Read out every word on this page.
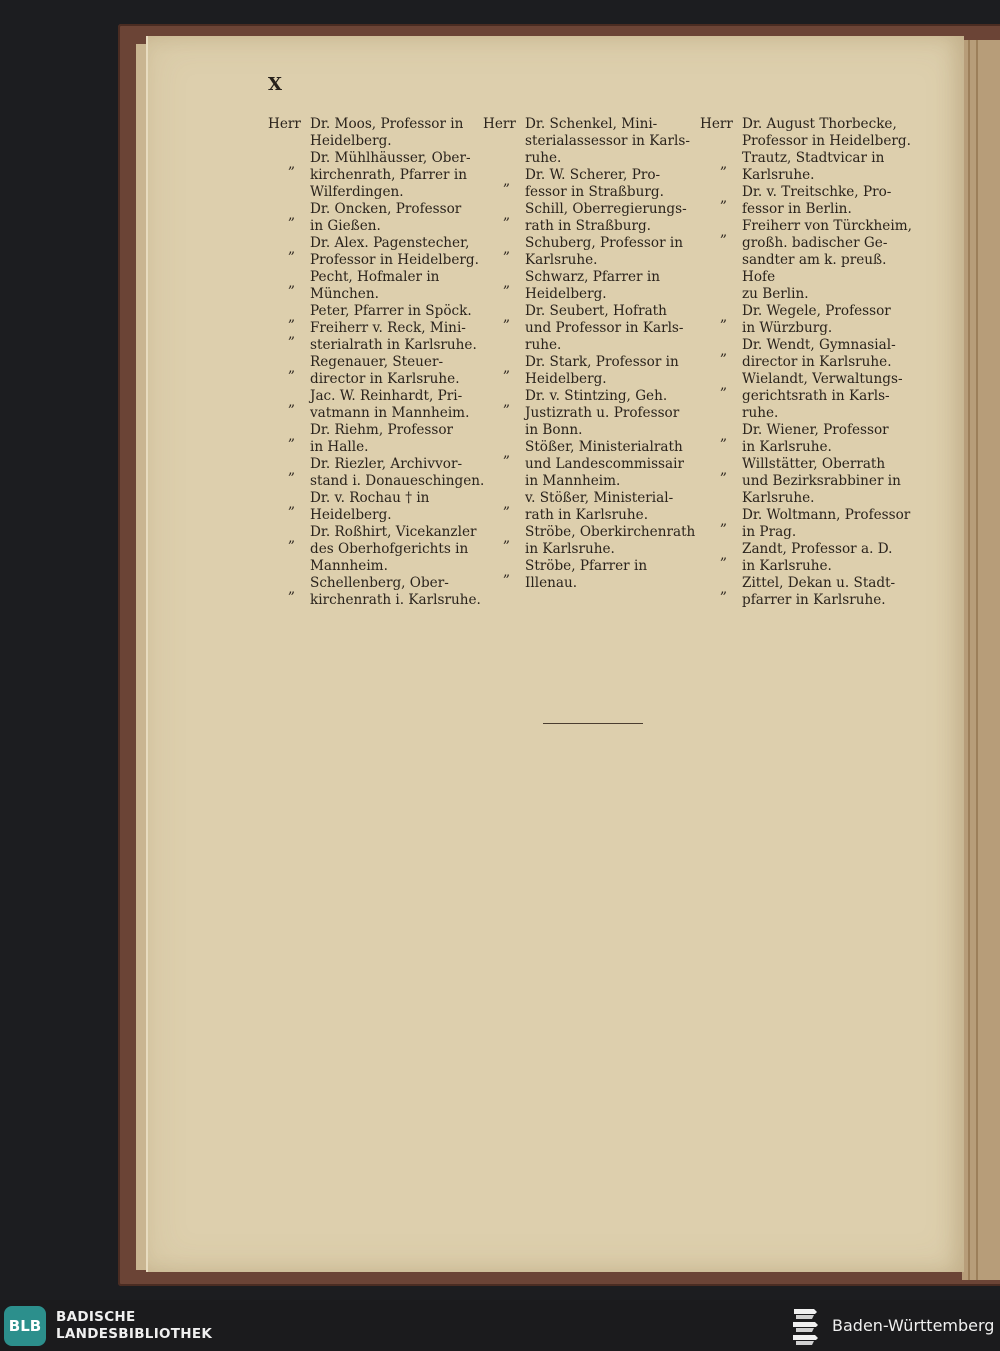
X
Herr Dr. Moos, Professor in
Heidelberg.
„	Dr. Mühlhäusser, Ober-
kirchenrath, Pfarrer in
Wilferdingen.
„	Dr. Oncken, Professor
in Gießen.
„	Dr. Alex. Pagenstecher,
Professor in Heidelberg.
„	Pecht, Hofmaler in
München.
„	Peter, Pfarrer in Spöck.
„	Freiherr v. Reck, Mini-
sterialrath in Karlsruhe.
„	Regenauer, Steuer-
director in Karlsruhe.
„	Jac. W. Reinhardt, Pri-
vatmann in Mannheim.
„	Dr. Riehm, Professor
in Halle.
„	Dr. Riezler, Archivvor-
stand i. Donaueschingen.
„	Dr. v. Rochau † in
Heidelberg.
„	Dr. Roßhirt, Vicekanzler
des Oberhofgerichts in
Mannheim.
„	Schellenberg, Ober-
kirchenrath i. Karlsruhe.
Herr Dr. Schenkel, Mini-
sterialassessor in Karls-
ruhe.
„	Dr. W. Scherer, Pro-
fessor in Straßburg.
„	Schill, Oberregierungs-
rath in Straßburg.
„	Schuberg, Professor in
Karlsruhe.
„	Schwarz, Pfarrer in
Heidelberg.
„	Dr. Seubert, Hofrath
und Professor in Karls-
ruhe.
„	Dr. Stark, Professor in
Heidelberg.
„	Dr. v. Stintzing, Geh.
Justizrath u. Professor
in Bonn.
„	Stößer, Ministerialrath
und Landescommissair
in Mannheim.
„	v. Stößer, Ministerial-
rath in Karlsruhe.
„	Ströbe, Oberkirchenrath
in Karlsruhe.
„	Ströbe, Pfarrer in
Illenau.
Herr Dr. August Thorbecke,
Professor in Heidelberg.
„	Trautz, Stadtvicar in
Karlsruhe.
„	Dr. v. Treitschke, Pro-
fessor in Berlin.
„	Freiherr von Türckheim,
großh. badischer Ge-
sandter am k. preuß. Hofe
zu Berlin.
„	Dr. Wegele, Professor
in Würzburg.
„	Dr. Wendt, Gymnasial-
director in Karlsruhe.
„	Wielandt, Verwaltungs-
gerichtsrath in Karls-
ruhe.
„	Dr. Wiener, Professor
in Karlsruhe.
„	Willstätter, Oberrath
und Bezirksrabbiner in
Karlsruhe.
„	Dr. Woltmann, Professor
in Prag.
„	Zandt, Professor a. D.
in Karlsruhe.
„	Zittel, Dekan u. Stadt-
pfarrer in Karlsruhe.
BLB	BADISCHE
LANDESBIBLIOTHEK	Baden-Württemberg
